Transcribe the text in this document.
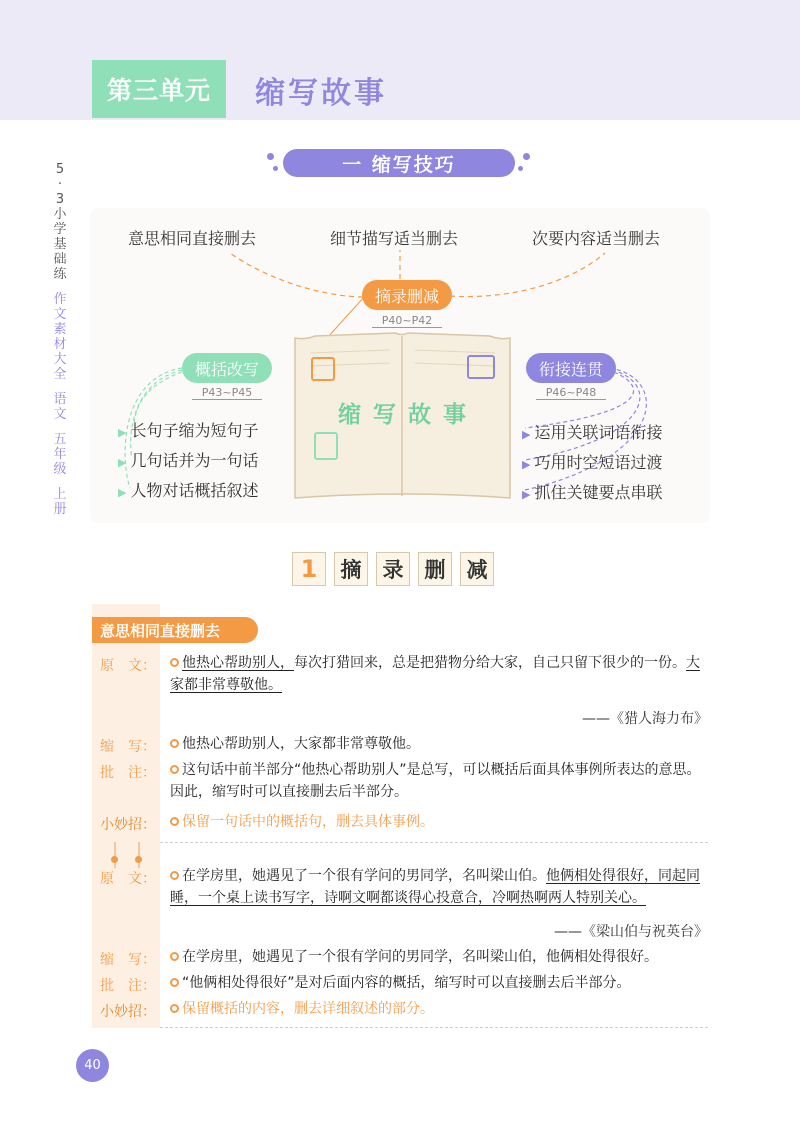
第三单元	缩写故事
5
·
3
小
学
基
础
练
作
文
素
材
大
全
语
文
五
年
级
上
册
一 缩写技巧
意思相同直接删去	细节描写适当删去	次要内容适当删去
摘录删减
P40~P42
概括改写
P43~P45
衔接连贯
P46~P48
缩 写 故 事
▶ 长句子缩为短句子
▶ 几句话并为一句话
▶ 人物对话概括叙述
▶ 运用关联词语衔接
▶ 巧用时空短语过渡
▶ 抓住关键要点串联
1	摘	录	删	减
意思相同直接删去
原　文：	他热心帮助别人，每次打猎回来，总是把猎物分给大家，自己只留下很少的一份。大家都非常尊敬他。
——《猎人海力布》
缩　写：	他热心帮助别人，大家都非常尊敬他。
批　注：	这句话中前半部分“他热心帮助别人”是总写，可以概括后面具体事例所表达的意思。因此，缩写时可以直接删去后半部分。
小妙招：	保留一句话中的概括句，删去具体事例。
原　文：	在学房里，她遇见了一个很有学问的男同学，名叫梁山伯。他俩相处得很好，同起同睡，一个桌上读书写字，诗啊文啊都谈得心投意合，冷啊热啊两人特别关心。
——《梁山伯与祝英台》
缩　写：	在学房里，她遇见了一个很有学问的男同学，名叫梁山伯，他俩相处得很好。
批　注：	“他俩相处得很好”是对后面内容的概括，缩写时可以直接删去后半部分。
小妙招：	保留概括的内容，删去详细叙述的部分。
40
